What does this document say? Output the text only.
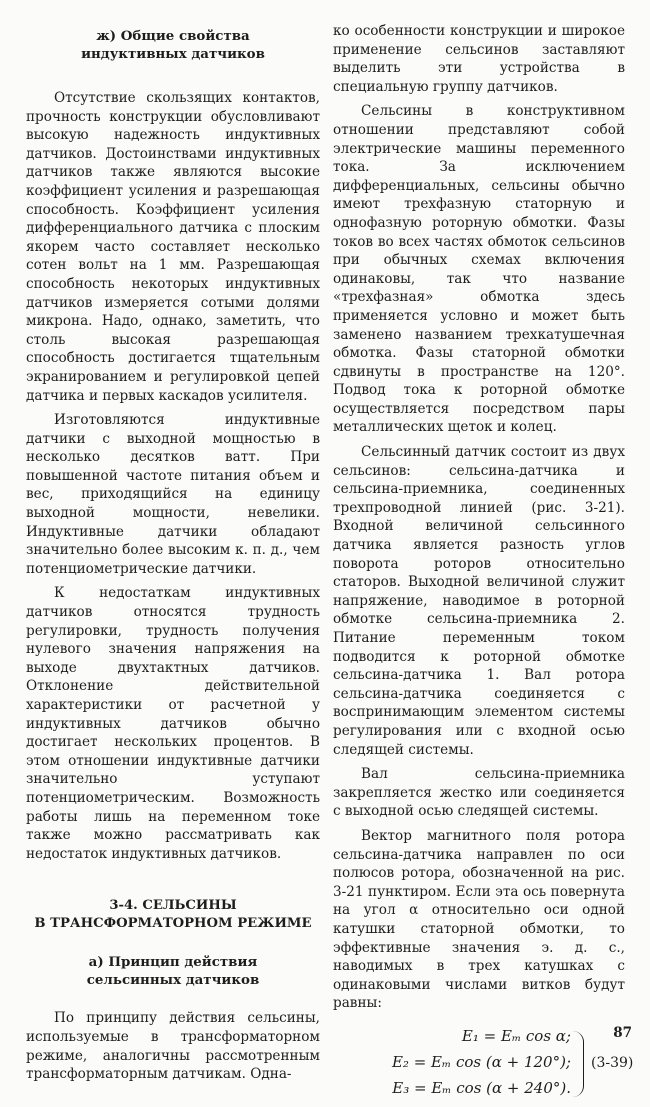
ж) Общие свойства
индуктивных датчиков

Отсутствие скользящих контактов, прочность конструкции обусловливают высокую надежность индуктивных датчиков. Достоинствами индуктивных датчиков также являются высокие коэффициент усиления и разрешающая способность. Коэффициент усиления дифференциального датчика с плоским якорем часто составляет несколько сотен вольт на 1 мм. Разрешающая способность некоторых индуктивных датчиков измеряется сотыми долями микрона. Надо, однако, заметить, что столь высокая разрешающая способность достигается тщательным экранированием и регулировкой цепей датчика и первых каскадов усилителя.

Изготовляются индуктивные датчики с выходной мощностью в несколько десятков ватт. При повышенной частоте питания объем и вес, приходящийся на единицу выходной мощности, невелики. Индуктивные датчики обладают значительно более высоким к. п. д., чем потенциометрические датчики.

К недостаткам индуктивных датчиков относятся трудность регулировки, трудность получения нулевого значения напряжения на выходе двухтактных датчиков. Отклонение действительной характеристики от расчетной у индуктивных датчиков обычно достигает нескольких процентов. В этом отношении индуктивные датчики значительно уступают потенциометрическим. Возможность работы лишь на переменном токе также можно рассматривать как недостаток индуктивных датчиков.

3-4. СЕЛЬСИНЫ
В ТРАНСФОРМАТОРНОМ РЕЖИМЕ
а) Принцип действия
сельсинных датчиков

По принципу действия сельсины, используемые в трансформаторном режиме, аналогичны рассмотренным трансформаторным датчикам. Одна-

ко особенности конструкции и широкое применение сельсинов заставляют выделить эти устройства в специальную группу датчиков.

Сельсины в конструктивном отношении представляют собой электрические машины переменного тока. За исключением дифференциальных, сельсины обычно имеют трехфазную статорную и однофазную роторную обмотки. Фазы токов во всех частях обмоток сельсинов при обычных схемах включения одинаковы, так что название «трехфазная» обмотка здесь применяется условно и может быть заменено названием трехкатушечная обмотка. Фазы статорной обмотки сдвинуты в пространстве на 120°. Подвод тока к роторной обмотке осуществляется посредством пары металлических щеток и колец.

Сельсинный датчик состоит из двух сельсинов: сельсина-датчика и сельсина-приемника, соединенных трехпроводной линией (рис. 3-21). Входной величиной сельсинного датчика является разность углов поворота роторов относительно статоров. Выходной величиной служит напряжение, наводимое в роторной обмотке сельсина-приемника 2. Питание переменным током подводится к роторной обмотке сельсина-датчика 1. Вал ротора сельсина-датчика соединяется с воспринимающим элементом системы регулирования или с входной осью следящей системы.

Вал сельсина-приемника закрепляется жестко или соединяется с выходной осью следящей системы.

Вектор магнитного поля ротора сельсина-датчика направлен по оси полюсов ротора, обозначенной на рис. 3-21 пунктиром. Если эта ось повернута на угол α относительно оси одной катушки статорной обмотки, то эффективные значения э. д. с., наводимых в трех катушках с одинаковыми числами витков будут равны:

E₁ = Eₘ cos α;
E₂ = Eₘ cos (α + 120°);
E₃ = Eₘ cos (α + 240°).
(3-39)
87
